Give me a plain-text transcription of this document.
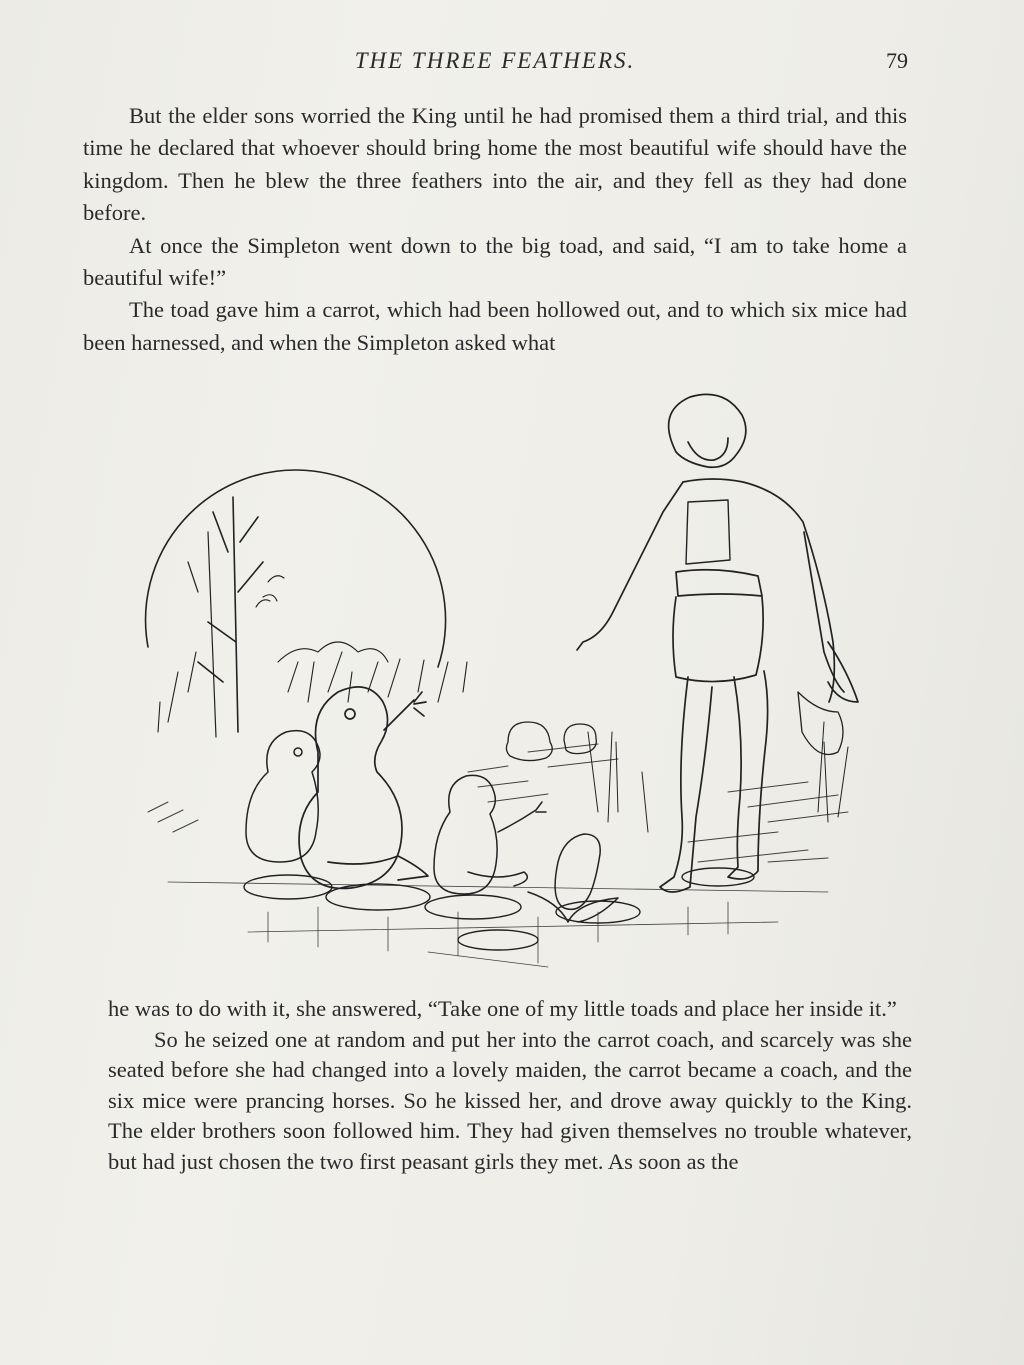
THE THREE FEATHERS.	79

But the elder sons worried the King until he had promised them a third trial, and this time he declared that whoever should bring home the most beautiful wife should have the kingdom. Then he blew the three feathers into the air, and they fell as they had done before.

At once the Simpleton went down to the big toad, and said, “I am to take home a beautiful wife!”

The toad gave him a carrot, which had been hollowed out, and to which six mice had been harnessed, and when the Simpleton asked what

he was to do with it, she answered, “Take one of my little toads and place her inside it.”

So he seized one at random and put her into the carrot coach, and scarcely was she seated before she had changed into a lovely maiden, the carrot became a coach, and the six mice were prancing horses. So he kissed her, and drove away quickly to the King. The elder brothers soon followed him. They had given themselves no trouble whatever, but had just chosen the two first peasant girls they met. As soon as the
